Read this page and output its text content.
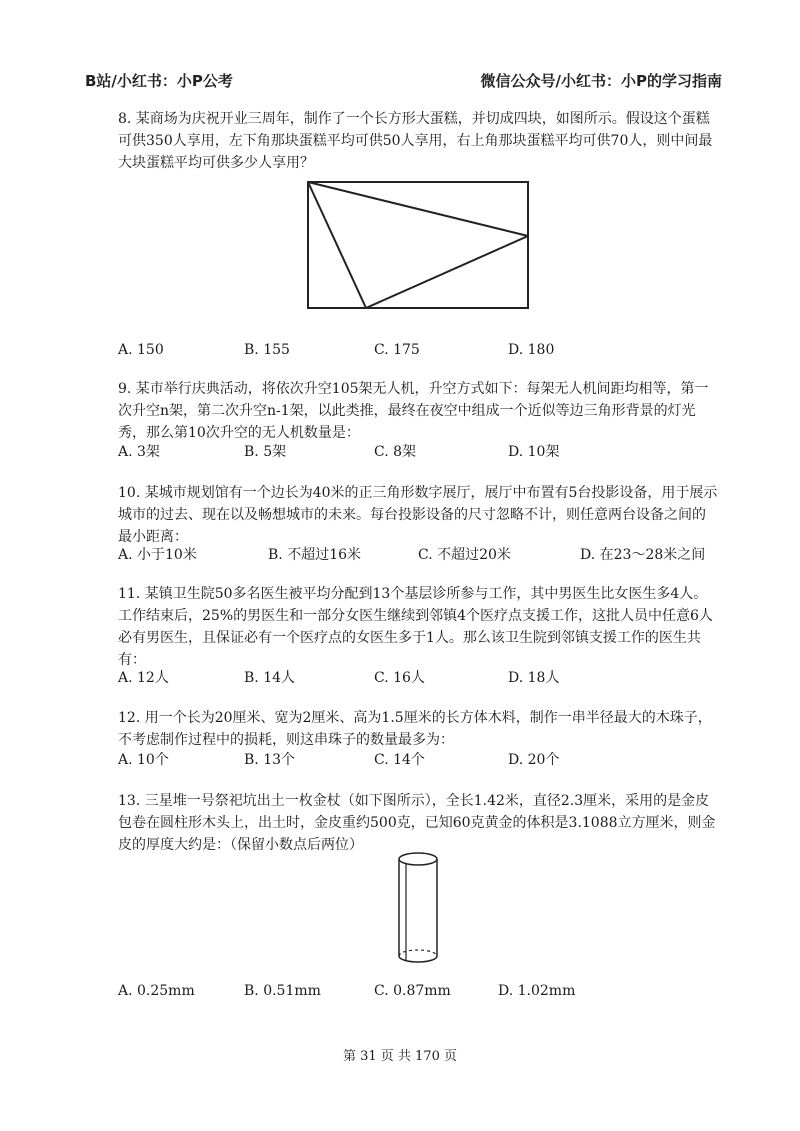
B站/小红书：小P公考	微信公众号/小红书：小P的学习指南

8. 某商场为庆祝开业三周年，制作了一个长方形大蛋糕，并切成四块，如图所示。假设这个蛋糕可供350人享用，左下角那块蛋糕平均可供50人享用，右上角那块蛋糕平均可供70人，则中间最大块蛋糕平均可供多少人享用？

A. 150	B. 155	C. 175	D. 180

9. 某市举行庆典活动，将依次升空105架无人机，升空方式如下：每架无人机间距均相等，第一次升空n架，第二次升空n-1架，以此类推，最终在夜空中组成一个近似等边三角形背景的灯光秀，那么第10次升空的无人机数量是：

A. 3架	B. 5架	C. 8架	D. 10架

10. 某城市规划馆有一个边长为40米的正三角形数字展厅，展厅中布置有5台投影设备，用于展示城市的过去、现在以及畅想城市的未来。每台投影设备的尺寸忽略不计，则任意两台设备之间的最小距离：

A. 小于10米	B. 不超过16米	C. 不超过20米	D. 在23～28米之间

11. 某镇卫生院50多名医生被平均分配到13个基层诊所参与工作，其中男医生比女医生多4人。工作结束后，25%的男医生和一部分女医生继续到邻镇4个医疗点支援工作，这批人员中任意6人必有男医生，且保证必有一个医疗点的女医生多于1人。那么该卫生院到邻镇支援工作的医生共有：

A. 12人	B. 14人	C. 16人	D. 18人

12. 用一个长为20厘米、宽为2厘米、高为1.5厘米的长方体木料，制作一串半径最大的木珠子，不考虑制作过程中的损耗，则这串珠子的数量最多为：

A. 10个	B. 13个	C. 14个	D. 20个

13. 三星堆一号祭祀坑出土一枚金杖（如下图所示），全长1.42米，直径2.3厘米，采用的是金皮包卷在圆柱形木头上，出土时，金皮重约500克，已知60克黄金的体积是3.1088立方厘米，则金皮的厚度大约是：（保留小数点后两位）

A. 0.25mm	B. 0.51mm	C. 0.87mm	D. 1.02mm
第 31 页 共 170 页
